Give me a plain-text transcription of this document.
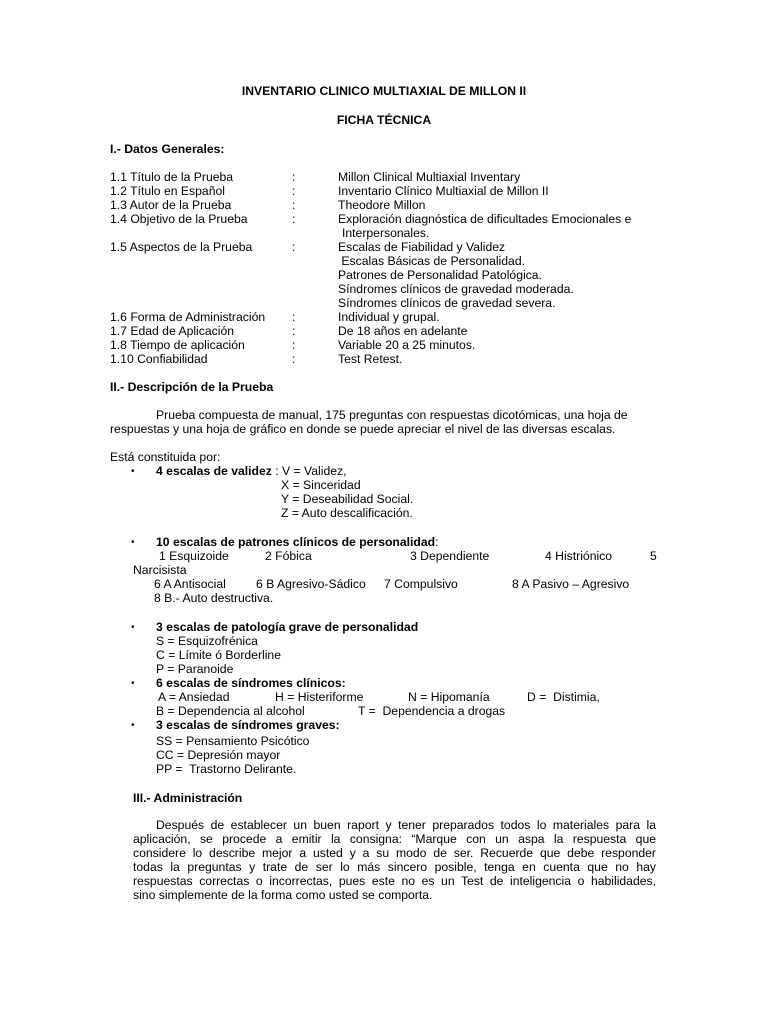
INVENTARIO CLINICO MULTIAXIAL DE MILLON II
FICHA TÉCNICA
I.- Datos Generales:
1.1 Título de la Prueba	:	Millon Clinical Multiaxial Inventary
1.2 Título en Español	:	Inventario Clínico Multiaxial de Millon II
1.3 Autor de la Prueba	:	Theodore Millon
1.4 Objetivo de la Prueba	:	Exploración diagnóstica de dificultades Emocionales e
Interpersonales.
1.5 Aspectos de la Prueba	:	Escalas de Fiabilidad y Validez
Escalas Básicas de Personalidad.
Patrones de Personalidad Patológica.
Síndromes clínicos de gravedad moderada.
Síndromes clínicos de gravedad severa.
1.6 Forma de Administración :	Individual y grupal.
1.7 Edad de Aplicación	:	De 18 años en adelante
1.8 Tiempo de aplicación	:	Variable 20 a 25 minutos.
1.10 Confiabilidad	:	Test Retest.
II.- Descripción de la Prueba
Prueba compuesta de manual, 175 preguntas con respuestas dicotómicas, una hoja de
respuestas y una hoja de gráfico en donde se puede apreciar el nivel de las diversas escalas.
Está constituida por:
• 4 escalas de validez : V = Validez,
X = Sinceridad
Y = Deseabilidad Social.
Z = Auto descalificación.
• 10 escalas de patrones clínicos de personalidad:
1 Esquizoide	2 Fóbica	3 Dependiente	4 Histriónico	5
Narcisista
6 A Antisocial 6 B Agresivo-Sádico 7 Compulsivo	8 A Pasivo – Agresivo
8 B.- Auto destructiva.
• 3 escalas de patología grave de personalidad
S = Esquizofrénica
C = Límite ó Borderline
P = Paranoide
• 6 escalas de síndromes clínicos:
A = Ansiedad	H = Histeriforme	N = Hipomanía	D =  Distimia,
B = Dependencia al alcohol	T =  Dependencia a drogas
• 3 escalas de síndromes graves:
SS = Pensamiento Psicótico
CC = Depresión mayor
PP =  Trastorno Delirante.
III.- Administración
Después de establecer un buen raport y tener preparados todos lo materiales para la
aplicación, se procede a emitir la consigna: “Marque con un aspa la respuesta que
considere lo describe mejor a usted y a su modo de ser. Recuerde que debe responder
todas la preguntas y trate de ser lo más sincero posible, tenga en cuenta que no hay
respuestas correctas o incorrectas, pues este no es un Test de inteligencia o habilidades,
sino simplemente de la forma como usted se comporta.
